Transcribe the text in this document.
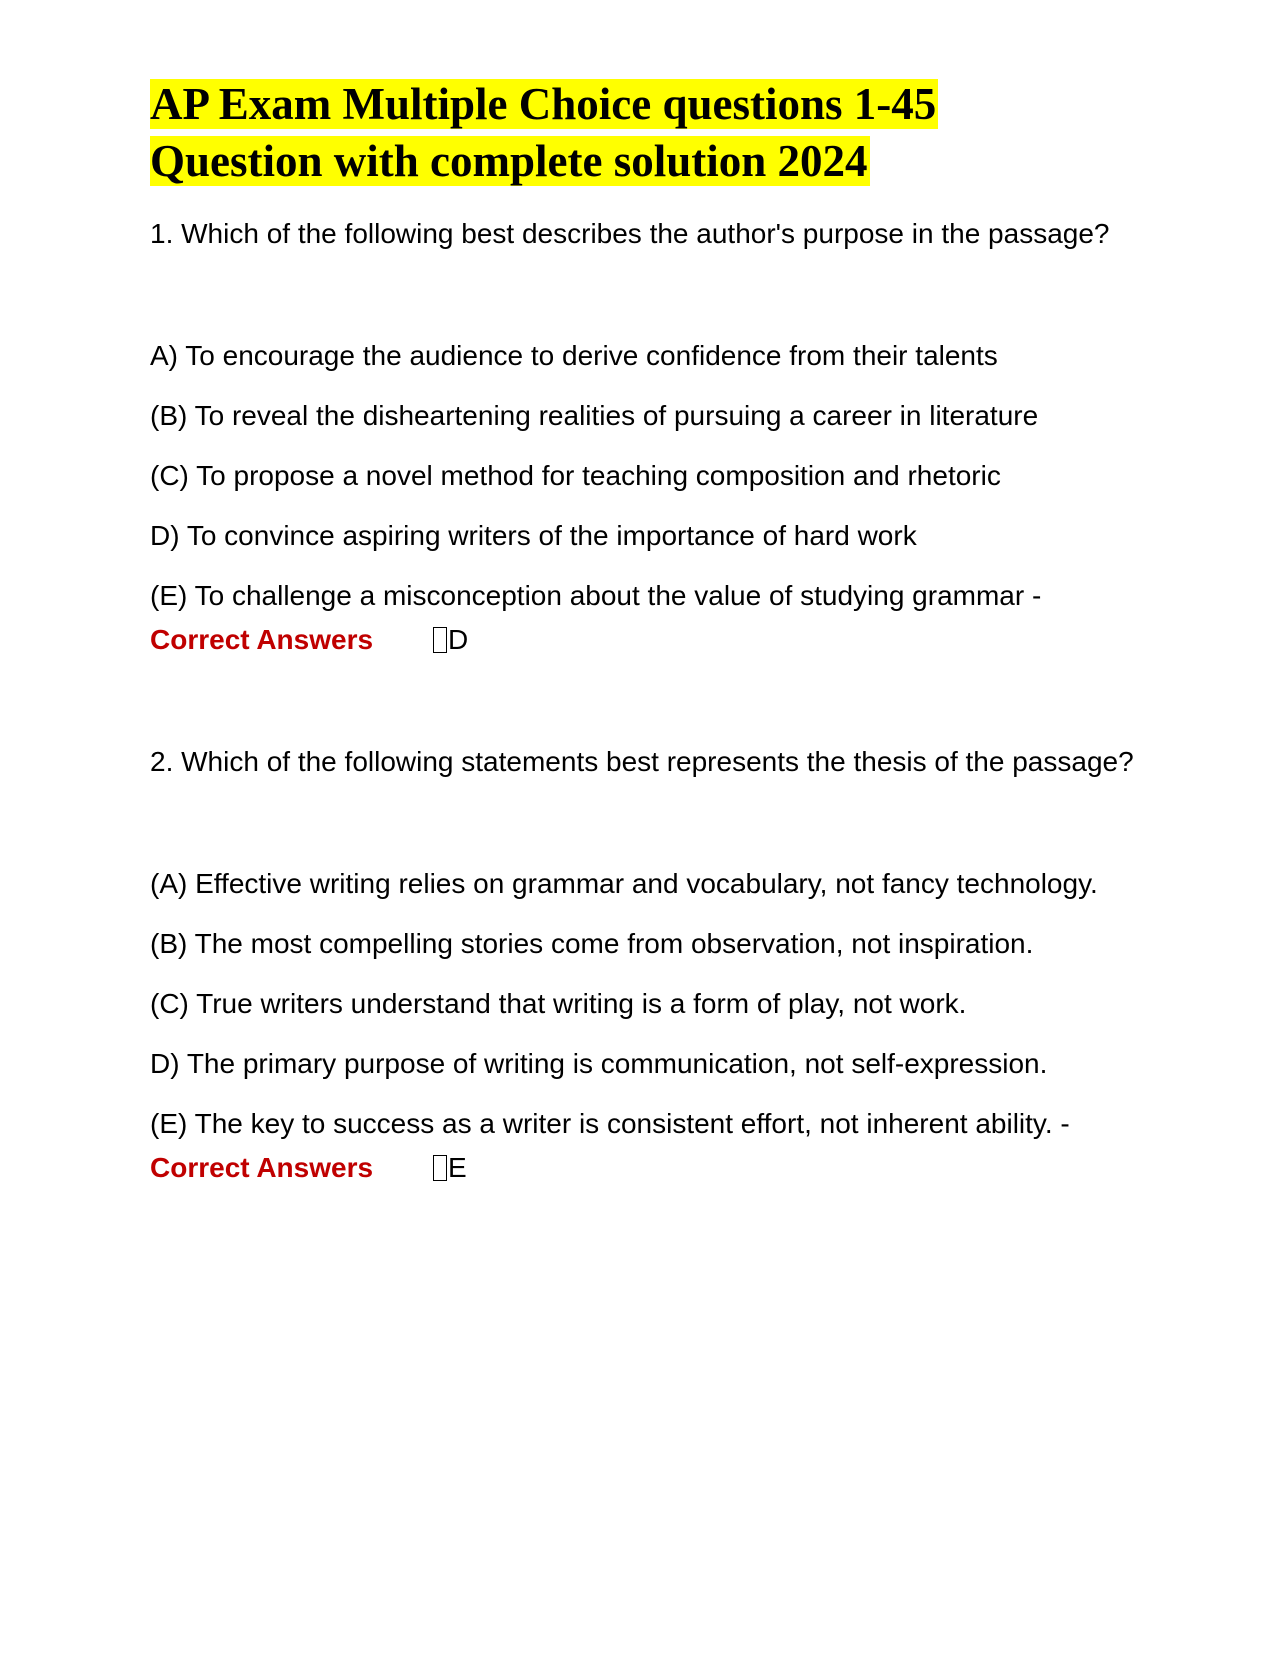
AP Exam Multiple Choice questions 1-45
Question with complete solution 2024

1. Which of the following best describes the author's purpose in the passage?

A) To encourage the audience to derive confidence from their talents

(B) To reveal the disheartening realities of pursuing a career in literature

(C) To propose a novel method for teaching composition and rhetoric

D) To convince aspiring writers of the importance of hard work

(E) To challenge a misconception about the value of studying grammar -
Correct Answers	D

2. Which of the following statements best represents the thesis of the passage?

(A) Effective writing relies on grammar and vocabulary, not fancy technology.

(B) The most compelling stories come from observation, not inspiration.

(C) True writers understand that writing is a form of play, not work.

D) The primary purpose of writing is communication, not self-expression.

(E) The key to success as a writer is consistent effort, not inherent ability. - Correct Answers	E
